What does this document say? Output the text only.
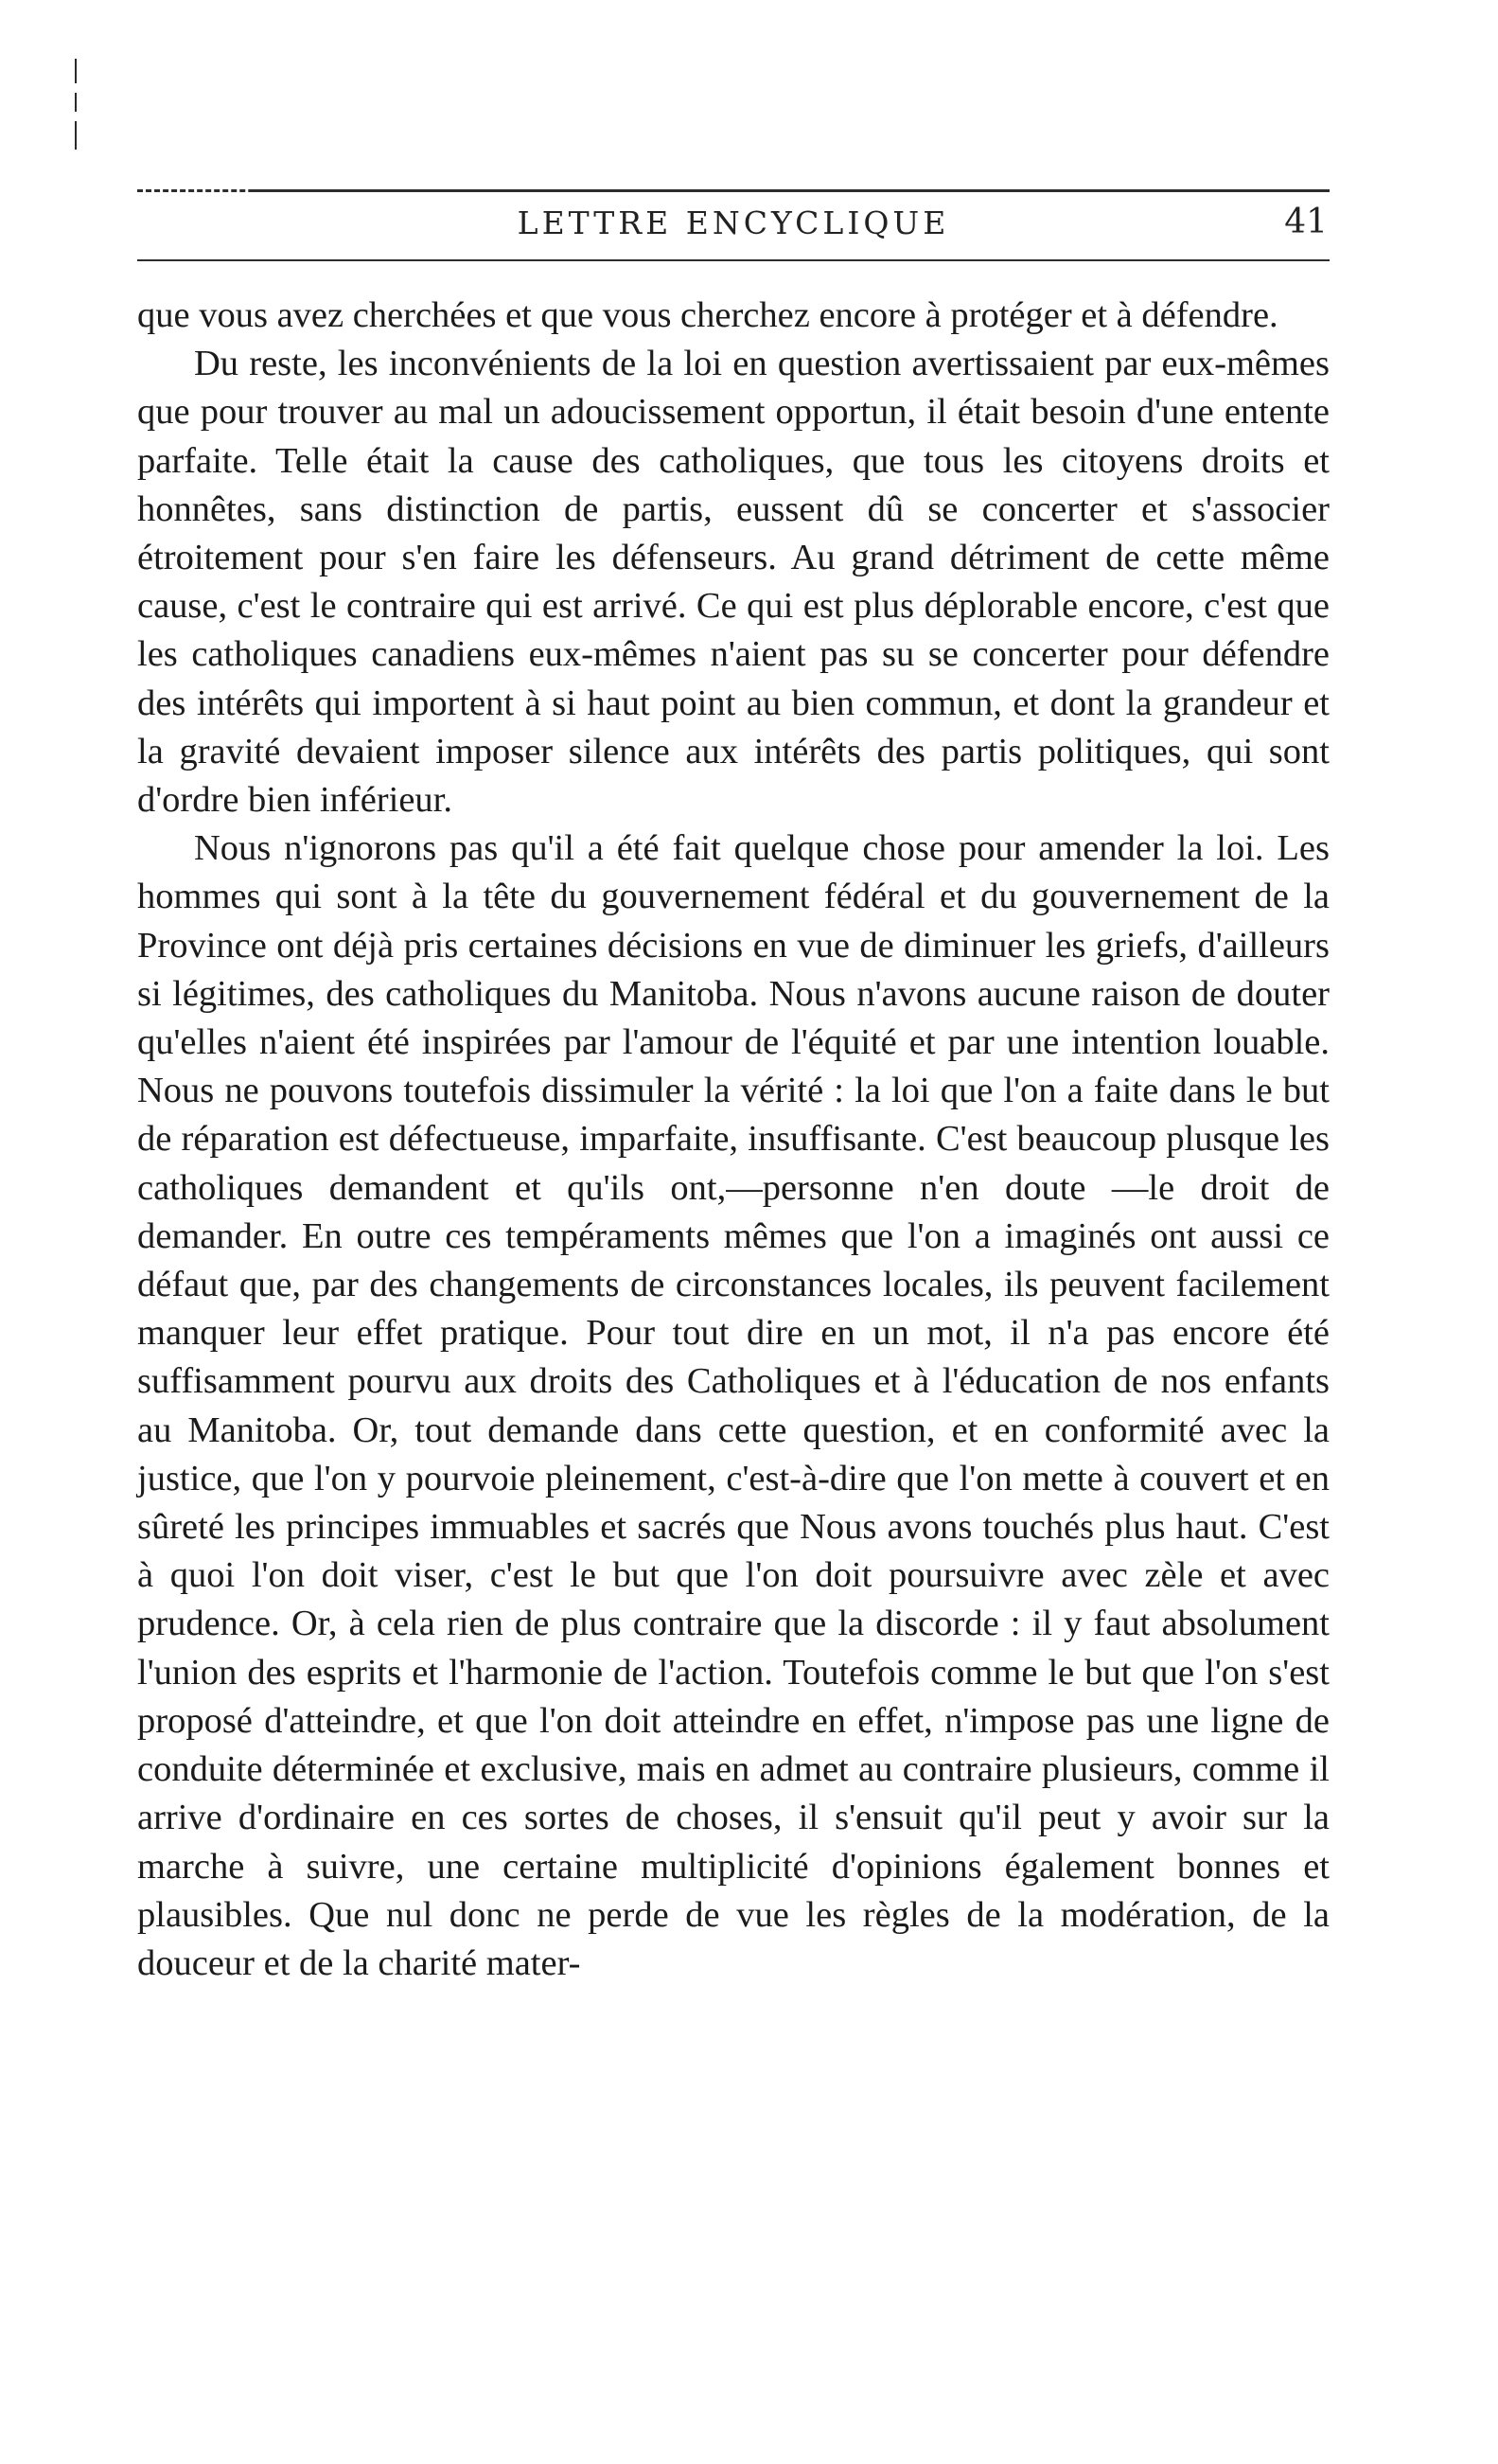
LETTRE ENCYCLIQUE	41

que vous avez cherchées et que vous cherchez encore à protéger et à défendre.

Du reste, les inconvénients de la loi en question avertissaient par eux-mêmes que pour trouver au mal un adoucissement opportun, il était besoin d'une entente parfaite. Telle était la cause des catholiques, que tous les citoyens droits et honnêtes, sans distinction de partis, eussent dû se concerter et s'associer étroitement pour s'en faire les défenseurs. Au grand détriment de cette même cause, c'est le contraire qui est arrivé. Ce qui est plus déplorable encore, c'est que les catholiques canadiens eux-mêmes n'aient pas su se concerter pour défendre des intérêts qui importent à si haut point au bien commun, et dont la grandeur et la gravité devaient imposer silence aux intérêts des partis politiques, qui sont d'ordre bien inférieur.

Nous n'ignorons pas qu'il a été fait quelque chose pour amender la loi. Les hommes qui sont à la tête du gouvernement fédéral et du gouvernement de la Province ont déjà pris certaines décisions en vue de diminuer les griefs, d'ailleurs si légitimes, des catholiques du Manitoba. Nous n'avons aucune raison de douter qu'elles n'aient été inspirées par l'amour de l'équité et par une intention louable. Nous ne pouvons toutefois dissimuler la vérité : la loi que l'on a faite dans le but de réparation est défectueuse, imparfaite, insuffisante. C'est beaucoup plusque les catholiques demandent et qu'ils ont,—personne n'en doute —le droit de demander. En outre ces tempéraments mêmes que l'on a imaginés ont aussi ce défaut que, par des changements de circonstances locales, ils peuvent facilement manquer leur effet pratique. Pour tout dire en un mot, il n'a pas encore été suffisamment pourvu aux droits des Catholiques et à l'éducation de nos enfants au Manitoba. Or, tout demande dans cette question, et en conformité avec la justice, que l'on y pourvoie pleinement, c'est-à-dire que l'on mette à couvert et en sûreté les principes immuables et sacrés que Nous avons touchés plus haut. C'est à quoi l'on doit viser, c'est le but que l'on doit poursuivre avec zèle et avec prudence. Or, à cela rien de plus contraire que la discorde : il y faut absolument l'union des esprits et l'harmonie de l'action. Toutefois comme le but que l'on s'est proposé d'atteindre, et que l'on doit atteindre en effet, n'impose pas une ligne de conduite déterminée et exclusive, mais en admet au contraire plusieurs, comme il arrive d'ordinaire en ces sortes de choses, il s'ensuit qu'il peut y avoir sur la marche à suivre, une certaine multiplicité d'opinions également bonnes et plausibles. Que nul donc ne perde de vue les règles de la modération, de la douceur et de la charité mater-
